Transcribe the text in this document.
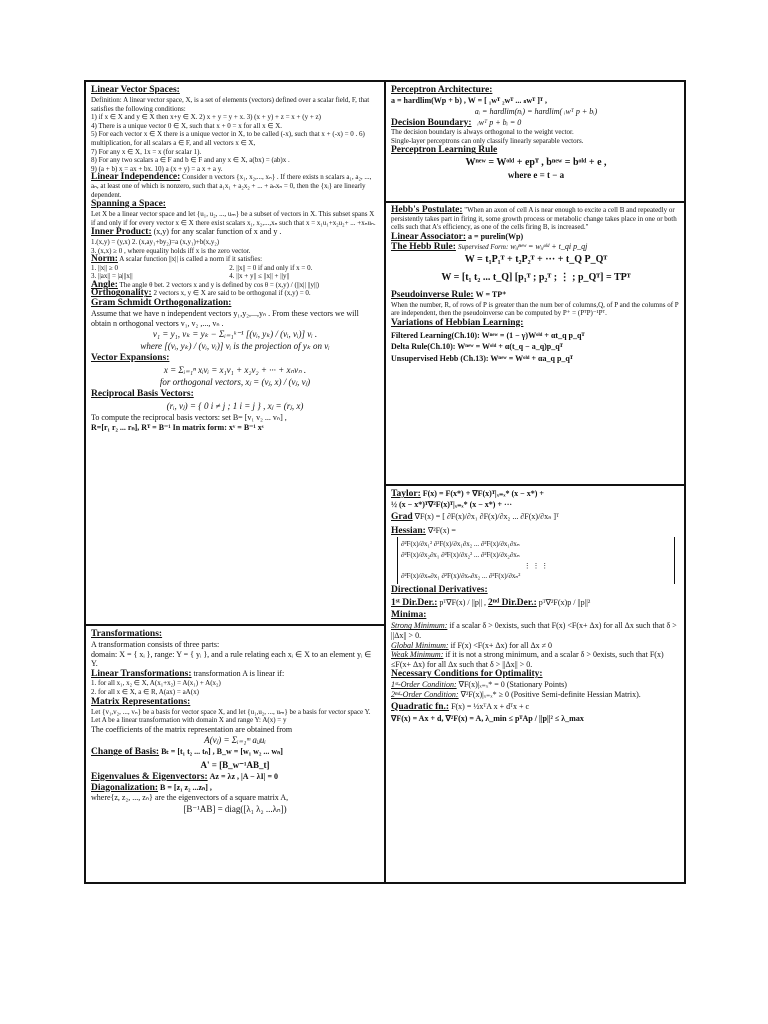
Linear Vector Spaces:

Definition: A linear vector space, X, is a set of elements (vectors) defined over a scalar field, F, that satisfies the following conditions:

1) if x ∈ X and y ∈ X then x+y ∈ X. 2) x + y = y + x. 3) (x + y) + z = x + (y + z)

4) There is a unique vector 0 ∈ X, such that x + 0 = x for all x ∈ X.

5) For each vector x ∈ X there is a unique vector in X, to be called (-x), such that x + (-x) = 0 . 6) multiplication, for all scalars a ∈ F, and all vectors x ∈ X,

7) For any x ∈ X, 1x = x (for scalar 1).

8) For any two scalars a ∈ F and b ∈ F and any x ∈ X, a(bx) = (ab)x .

9) (a + b) x = ax + bx. 10) a (x + y) = a x + a y.

Linear Independence: Consider n vectors {x₁, x₂,..., xₙ} . If there exists n scalars a₁, a₂, ..., aₙ, at least one of which is nonzero, such that a₁x₁ + a₂x₂ + ... + aₙxₙ = 0, then the {xᵢ} are linearly dependent.

Spanning a Space:

Let X be a linear vector space and let {u₁, u₂, ..., uₘ} be a subset of vectors in X. This subset spans X if and only if for every vector x ∈ X there exist scalars x₁, x₂,...,xₙ such that x = x₁u₁+x₂u₂+ ... +xₙuₙ.

Inner Product: (x,y) for any scalar function of x and y .

1.(x,y) = (y,x) 2. (x,ay₁+by₂)=a (x,y₁)+b(x,y₂)

3. (x,x) ≥ 0 , where equality holds iff x is the zero vector.

Norm: A scalar function ||x|| is called a norm if it satisfies:

1. ||x|| ≥ 0	2. ||x|| = 0 if and only if x = 0.
3. ||ax|| = |a|||x||	4. ||x + y|| ≤ ||x|| + ||y||

Angle: The angle θ bet. 2 vectors x and y is defined by cos θ = (x,y) / (||x|| ||y||)

Orthogonality: 2 vectors x, y ∈ X are said to be orthogonal if (x,y) = 0.

Gram Schmidt Orthogonalization:

Assume that we have n independent vectors y₁,y₂,...,yₙ . From these vectors we will obtain n orthogonal vectors v₁, v₂ ,..., vₙ .

v₁ = y₁, vₖ = yₖ − Σᵢ₌₁ᵏ⁻¹ [(vᵢ, yₖ) / (vᵢ, vᵢ)] vᵢ .

where [(vᵢ, yₖ) / (vᵢ, vᵢ)] vᵢ is the projection of yₖ on vᵢ

Vector Expansions:

x = Σᵢ₌₁ⁿ xᵢvᵢ = x₁v₁ + x₂v₂ + ··· + xₙvₙ .

for orthogonal vectors, xⱼ = (vⱼ, x) / (vⱼ, vⱼ)

Reciprocal Basis Vectors:

(rᵢ, vⱼ) = { 0 i ≠ j ; 1 i = j } , xⱼ = (rⱼ, x)

To compute the reciprocal basis vectors: set B= [v₁ v₂ ... vₙ] ,

R=[r₁ r₂ ... rₙ], Rᵀ = B⁻¹ In matrix form: xᵛ = B⁻¹ xˢ

Transformations:

A transformation consists of three parts:

domain: X = { xᵢ }, range: Y = { yᵢ }, and a rule relating each xᵢ ∈ X to an element yᵢ ∈ Y.

Linear Transformations: transformation A is linear if:

1. for all x₁, x₂ ∈ X, A(x₁+x₂) = A(x₁) + A(x₂)

2. for all x ∈ X, a ∈ R, A(ax) = aA(x)

Matrix Representations:

Let {v₁,v₂, ..., vₙ} be a basis for vector space X, and let {u₁,u₂, ..., uₘ} be a basis for vector space Y. Let A be a linear transformation with domain X and range Y: A(x) = y

The coefficients of the matrix representation are obtained from

A(vⱼ) = Σᵢ₌₁ᵐ aᵢⱼuᵢ

Change of Basis: Bₜ = [t₁ t₂ ... tₙ] , B_w = [w₁ w₂ ... wₙ]

A' = [B_w⁻¹AB_t]

Eigenvalues & Eigenvectors: Az = λz , |A − λI| = 0

Diagonalization: B = [z₁ z₂ ...zₙ] ,

where{z, z₂, ..., zₙ} are the eigenvectors of a square matrix A,

[B⁻¹AB] = diag([λ₁ λ₂ ...λₙ])

Perceptron Architecture:

a = hardlim(Wp + b) , W = [ ₁wᵀ ₂wᵀ ... ₛwᵀ ]ᵀ ,

aᵢ = hardlim(nᵢ) = hardlim( ᵢwᵀ p + bᵢ)

Decision Boundary: ᵢwᵀ p + bᵢ = 0

The decision boundary is always orthogonal to the weight vector.

Single-layer perceptrons can only classify linearly separable vectors.

Perceptron Learning Rule

Wⁿᵉʷ = Wᵒˡᵈ + epᵀ , bⁿᵉʷ = bᵒˡᵈ + e ,

where e = t − a

Hebb's Postulate: "When an axon of cell A is near enough to excite a cell B and repeatedly or persistently takes part in firing it, some growth process or metabolic change takes place in one or both cells such that A's efficiency, as one of the cells firing B, is increased."

Linear Associator: a = purelin(Wp)

The Hebb Rule: Supervised Form: wᵢⱼⁿᵉʷ = wᵢⱼᵒˡᵈ + t_qi p_qj

W = t₁P₁ᵀ + t₂P₂ᵀ + ··· + t_Q P_Qᵀ

W = [t₁ t₂ ... t_Q] [p₁ᵀ ; p₂ᵀ ; ⋮ ; p_Qᵀ] = TPᵀ

Pseudoinverse Rule: W = TP⁺

When the number, R, of rows of P is greater than the num ber of columns,Q, of P and the columns of P are independent, then the pseudoinverse can be computed by P⁺ = (PᵀP)⁻¹Pᵀ.

Variations of Hebbian Learning:

Filtered Learning(Ch.10): Wⁿᵉʷ = (1 − γ)Wᵒˡᵈ + αt_q p_qᵀ

Delta Rule(Ch.10): Wⁿᵉʷ = Wᵒˡᵈ + α(t_q − a_q)p_qᵀ

Unsupervised Hebb (Ch.13): Wⁿᵉʷ = Wᵒˡᵈ + αa_q p_qᵀ

Taylor: F(x) = F(x*) + ∇F(x)ᵀ|ₓ₌ₓ* (x − x*) +

½ (x − x*)ᵀ∇²F(x)ᵀ|ₓ₌ₓ* (x − x*) + ···

Grad ∇F(x) = [ ∂F(x)/∂x₁ ∂F(x)/∂x₂ ... ∂F(x)/∂xₙ ]ᵀ

Hessian: ∇²F(x) =

∂²F(x)/∂x₁² ∂²F(x)/∂x₁∂x₂ ... ∂²F(x)/∂x₁∂xₙ

∂²F(x)/∂x₂∂x₁ ∂²F(x)/∂x₂² ... ∂²F(x)/∂x₂∂xₙ

⋮ ⋮ ⋮

∂²F(x)/∂xₙ∂x₁ ∂²F(x)/∂xₙ∂x₂ ... ∂²F(x)/∂xₙ²

Directional Derivatives:

1ˢᵗ Dir.Der.: pᵀ∇F(x) / ||p|| , 2ⁿᵈ Dir.Der.: pᵀ∇²F(x)p / ||p||²

Minima:

Strong Minimum: if a scalar δ > 0exists, such that F(x) <F(x+ Δx) for all Δx such that δ > ||Δx|| > 0.

Global Minimum: if F(x) <F(x+ Δx) for all Δx ≠ 0

Weak Minimum: if it is not a strong minimum, and a scalar δ > 0exists, such that F(x) ≤F(x+ Δx) for all Δx such that δ > ||Δx|| > 0.

Necessary Conditions for Optimality:

1ˢᵗ-Order Condition: ∇F(x)|ₓ₌ₓ* = 0 (Stationary Points)

2ⁿᵈ-Order Condition: ∇²F(x)|ₓ₌ₓ* ≥ 0 (Positive Semi-definite Hessian Matrix).

Quadratic fn.: F(x) = ½xᵀA x + dᵀx + c

∇F(x) = Ax + d, ∇²F(x) = A, λ_min ≤ pᵀAp / ||p||² ≤ λ_max
